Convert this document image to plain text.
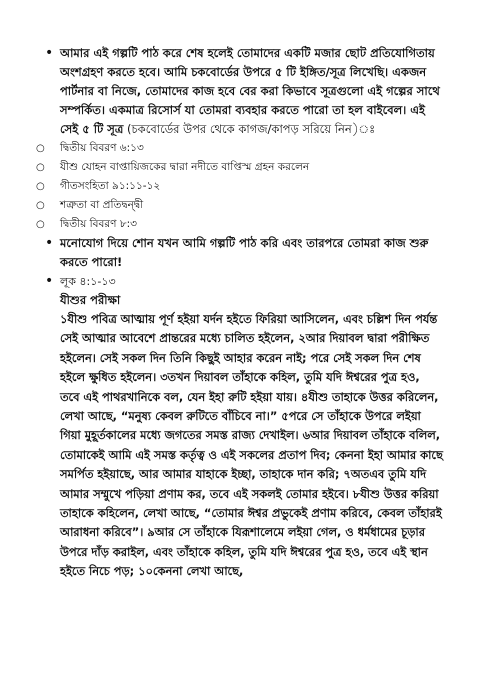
• আমার এই গল্পটি পাঠ করে শেষ হলেই তোমাদের একটি মজার ছোট প্রতিযোগিতায় অংশগ্রহণ করতে হবে। আমি চকবোর্ডের উপরে ৫ টি ইঙ্গিত/সূত্র লিখেছি। একজন পার্টনার বা নিজে, তোমাদের কাজ হবে বের করা কিভাবে সূত্রগুলো এই গল্পের সাথে সম্পর্কিত। একমাত্র রিসোর্স যা তোমরা ব্যবহার করতে পারো তা হল বাইবেল। এই সেই ৫ টি সূত্র (চকবোর্ডের উপর থেকে কাগজ/কাপড় সরিয়ে নিন)ঃ
○ দ্বিতীয় বিবরণ ৬:১৩
○ যীশু যোহন বাপ্তায়িজকের দ্বারা নদীতে বাপ্তিস্ম গ্রহন করলেন
○ গীতসংহিতা ৯১:১১-১২
○ শত্রুতা বা প্রতিদ্বন্দ্বী
○ দ্বিতীয় বিবরণ ৮:৩
• মনোযোগ দিয়ে শোন যখন আমি গল্পটি পাঠ করি এবং তারপরে তোমরা কাজ শুরু করতে পারো!
• লূক ৪:১-১৩
যীশুর পরীক্ষা
১যীশু পবিত্র আত্মায় পূর্ণ হইয়া যর্দন হইতে ফিরিয়া আসিলেন, এবং চল্লিশ দিন পর্যন্ত সেই আত্মার আবেশে প্রান্তরের মধ্যে চালিত হইলেন, ২আর দিয়াবল দ্বারা পরীক্ষিত হইলেন। সেই সকল দিন তিনি কিছুই আহার করেন নাই; পরে সেই সকল দিন শেষ হইলে ক্ষুধিত হইলেন। ৩তখন দিয়াবল তাঁহাকে কহিল, তুমি যদি ঈশ্বরের পুত্র হও, তবে এই পাথরখানিকে বল, যেন ইহা রুটি হইয়া যায়। ৪যীশু তাহাকে উত্তর করিলেন, লেখা আছে, “মনুষ্য কেবল রুটিতে বাঁচিবে না।” ৫পরে সে তাঁহাকে উপরে লইয়া গিয়া মুহূর্তকালের মধ্যে জগতের সমস্ত রাজ্য দেখাইল। ৬আর দিয়াবল তাঁহাকে বলিল, তোমাকেই আমি এই সমস্ত কর্তৃত্ব ও এই সকলের প্রতাপ দিব; কেননা ইহা আমার কাছে সমর্পিত হইয়াছে, আর আমার যাহাকে ইচ্ছা, তাহাকে দান করি; ৭অতএব তুমি যদি আমার সম্মুখে পড়িয়া প্রণাম কর, তবে এই সকলই তোমার হইবে। ৮যীশু উত্তর করিয়া তাহাকে কহিলেন, লেখা আছে, “তোমার ঈশ্বর প্রভুকেই প্রণাম করিবে, কেবল তাঁহারই আরাধনা করিবে”। ৯আর সে তাঁহাকে যিরূশালেমে লইয়া গেল, ও ধর্মধামের চূড়ার উপরে দাঁড় করাইল, এবং তাঁহাকে কহিল, তুমি যদি ঈশ্বরের পুত্র হও, তবে এই স্থান হইতে নিচে পড়; ১০কেননা লেখা আছে,
